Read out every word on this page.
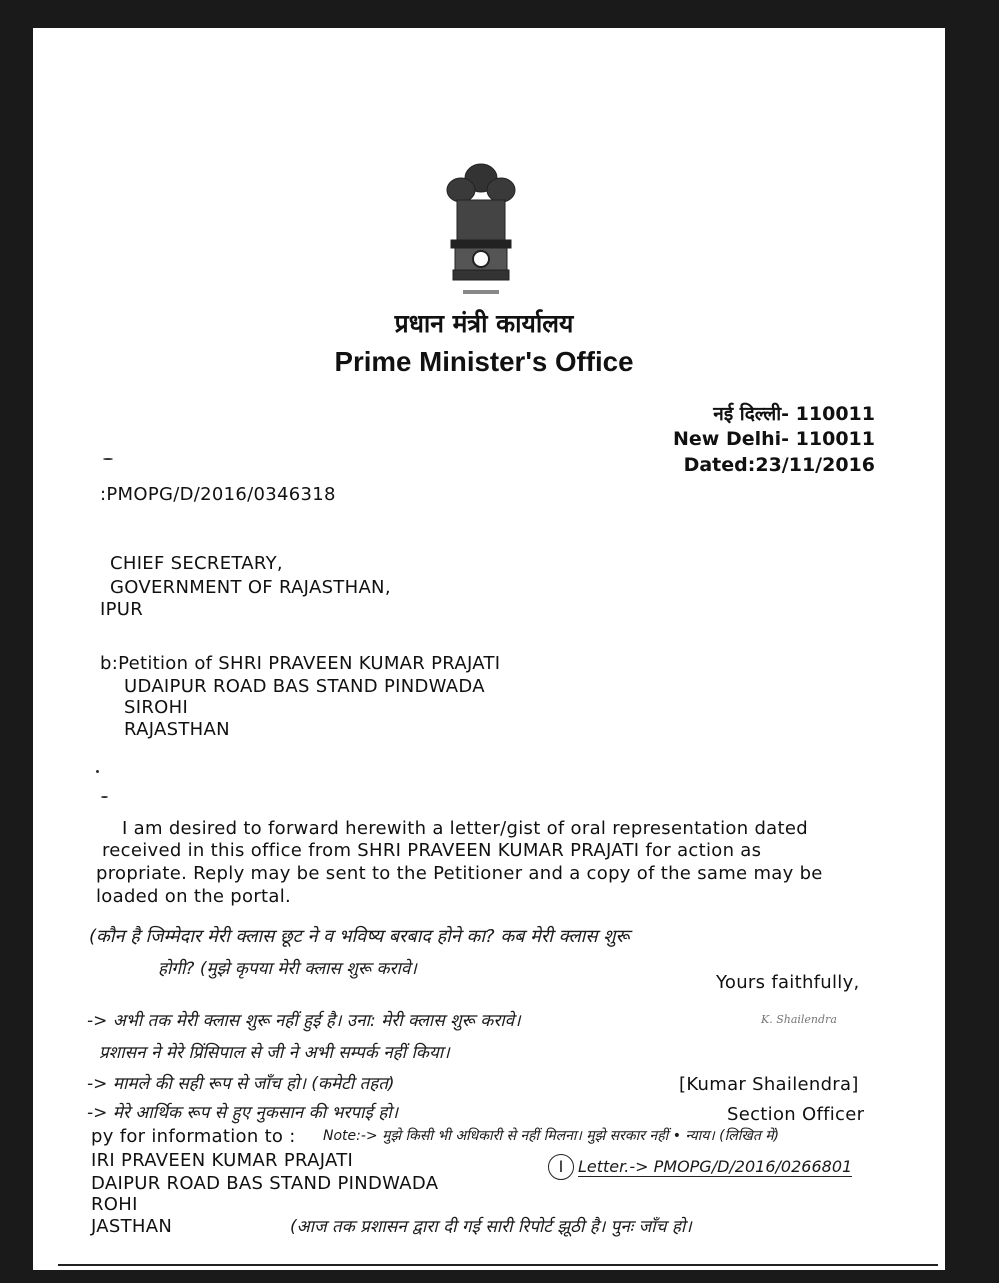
प्रधान मंत्री कार्यालय
Prime Minister's Office
नई दिल्ली- 110011
New Delhi- 110011
Dated:23/11/2016
:PMOPG/D/2016/0346318
CHIEF SECRETARY,
GOVERNMENT OF RAJASTHAN,
IPUR
b:Petition of SHRI PRAVEEN KUMAR PRAJATI
UDAIPUR ROAD BAS STAND PINDWADA
SIROHI
RAJASTHAN
I am desired to forward herewith a letter/gist of oral representation dated
received in this office from SHRI PRAVEEN KUMAR PRAJATI for action as
propriate. Reply may be sent to the Petitioner and a copy of the same may be
loaded on the portal.
(कौन है जिम्मेदार मेरी क्लास छूट ने व भविष्य बरबाद होने का? कब मेरी क्लास शुरू
होगी? (मुझे कृपया मेरी क्लास शुरू करावे।
Yours faithfully,
-> अभी तक मेरी क्लास शुरू नहीं हुई है। उना: मेरी क्लास शुरू करावे।	K. Shailendra
प्रशासन ने मेरे प्रिंसिपाल से जी ने अभी सम्पर्क नहीं किया।
-> मामले की सही रूप से जाँच हो। (कमेटी तहत)	[Kumar Shailendra]
-> मेरे आर्थिक रूप से हुए नुकसान की भरपाई हो।	Section Officer
py for information to : Note:-> मुझे किसी भी अधिकारी से नहीं मिलना। मुझे सरकार नहीं • न्याय। (लिखित में)
IRI PRAVEEN KUMAR PRAJATI	I Letter.-> PMOPG/D/2016/0266801
DAIPUR ROAD BAS STAND PINDWADA
ROHI
JASTHAN	(आज तक प्रशासन द्वारा दी गई सारी रिपोर्ट झूठी है। पुनः जाँच हो।
